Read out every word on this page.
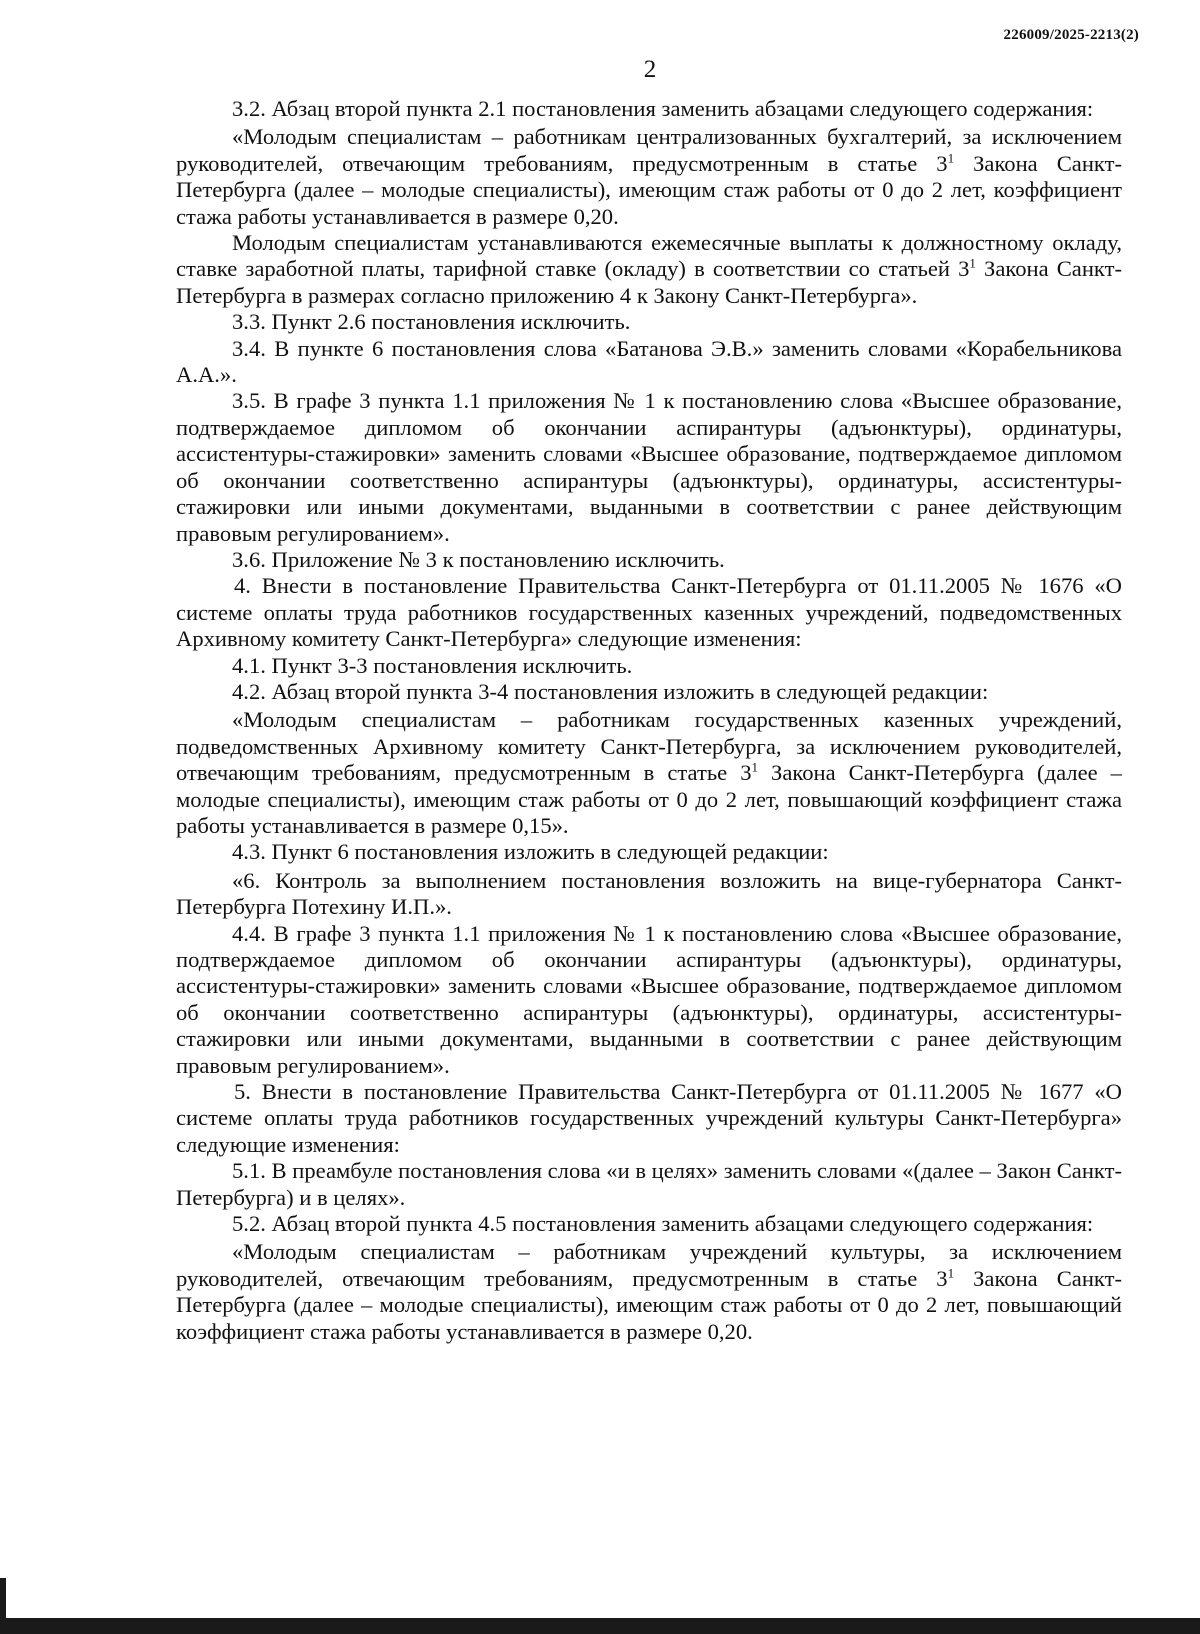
226009/2025-2213(2)
2

3.2. Абзац второй пункта 2.1 постановления заменить абзацами следующего содержания:

«Молодым специалистам – работникам централизованных бухгалтерий, за исключением руководителей, отвечающим требованиям, предусмотренным в статье $3^1$ Закона Санкт-Петербурга (далее – молодые специалисты), имеющим стаж работы от 0 до 2 лет, коэффициент стажа работы устанавливается в размере 0,20.

Молодым специалистам устанавливаются ежемесячные выплаты к должностному окладу, ставке заработной платы, тарифной ставке (окладу) в соответствии со статьей $3^1$ Закона Санкт-Петербурга в размерах согласно приложению 4 к Закону Санкт-Петербурга».

3.3. Пункт 2.6 постановления исключить.

3.4. В пункте 6 постановления слова «Батанова Э.В.» заменить словами «Корабельникова А.А.».

3.5. В графе 3 пункта 1.1 приложения № 1 к постановлению слова «Высшее образование, подтверждаемое дипломом об окончании аспирантуры (адъюнктуры), ординатуры, ассистентуры-стажировки» заменить словами «Высшее образование, подтверждаемое дипломом об окончании соответственно аспирантуры (адъюнктуры), ординатуры, ассистентуры-стажировки или иными документами, выданными в соответствии с ранее действующим правовым регулированием».

3.6. Приложение № 3 к постановлению исключить.

4. Внести в постановление Правительства Санкт-Петербурга от 01.11.2005 № 1676 «О системе оплаты труда работников государственных казенных учреждений, подведомственных Архивному комитету Санкт-Петербурга» следующие изменения:

4.1. Пункт 3-3 постановления исключить.

4.2. Абзац второй пункта 3-4 постановления изложить в следующей редакции:

«Молодым специалистам – работникам государственных казенных учреждений, подведомственных Архивному комитету Санкт-Петербурга, за исключением руководителей, отвечающим требованиям, предусмотренным в статье $3^1$ Закона Санкт-Петербурга (далее – молодые специалисты), имеющим стаж работы от 0 до 2 лет, повышающий коэффициент стажа работы устанавливается в размере 0,15».

4.3. Пункт 6 постановления изложить в следующей редакции:

«6. Контроль за выполнением постановления возложить на вице-губернатора Санкт-Петербурга Потехину И.П.».

4.4. В графе 3 пункта 1.1 приложения № 1 к постановлению слова «Высшее образование, подтверждаемое дипломом об окончании аспирантуры (адъюнктуры), ординатуры, ассистентуры-стажировки» заменить словами «Высшее образование, подтверждаемое дипломом об окончании соответственно аспирантуры (адъюнктуры), ординатуры, ассистентуры-стажировки или иными документами, выданными в соответствии с ранее действующим правовым регулированием».

5. Внести в постановление Правительства Санкт-Петербурга от 01.11.2005 № 1677 «О системе оплаты труда работников государственных учреждений культуры Санкт-Петербурга» следующие изменения:

5.1. В преамбуле постановления слова «и в целях» заменить словами «(далее – Закон Санкт-Петербурга) и в целях».

5.2. Абзац второй пункта 4.5 постановления заменить абзацами следующего содержания:

«Молодым специалистам – работникам учреждений культуры, за исключением руководителей, отвечающим требованиям, предусмотренным в статье $3^1$ Закона Санкт-Петербурга (далее – молодые специалисты), имеющим стаж работы от 0 до 2 лет, повышающий коэффициент стажа работы устанавливается в размере 0,20.
